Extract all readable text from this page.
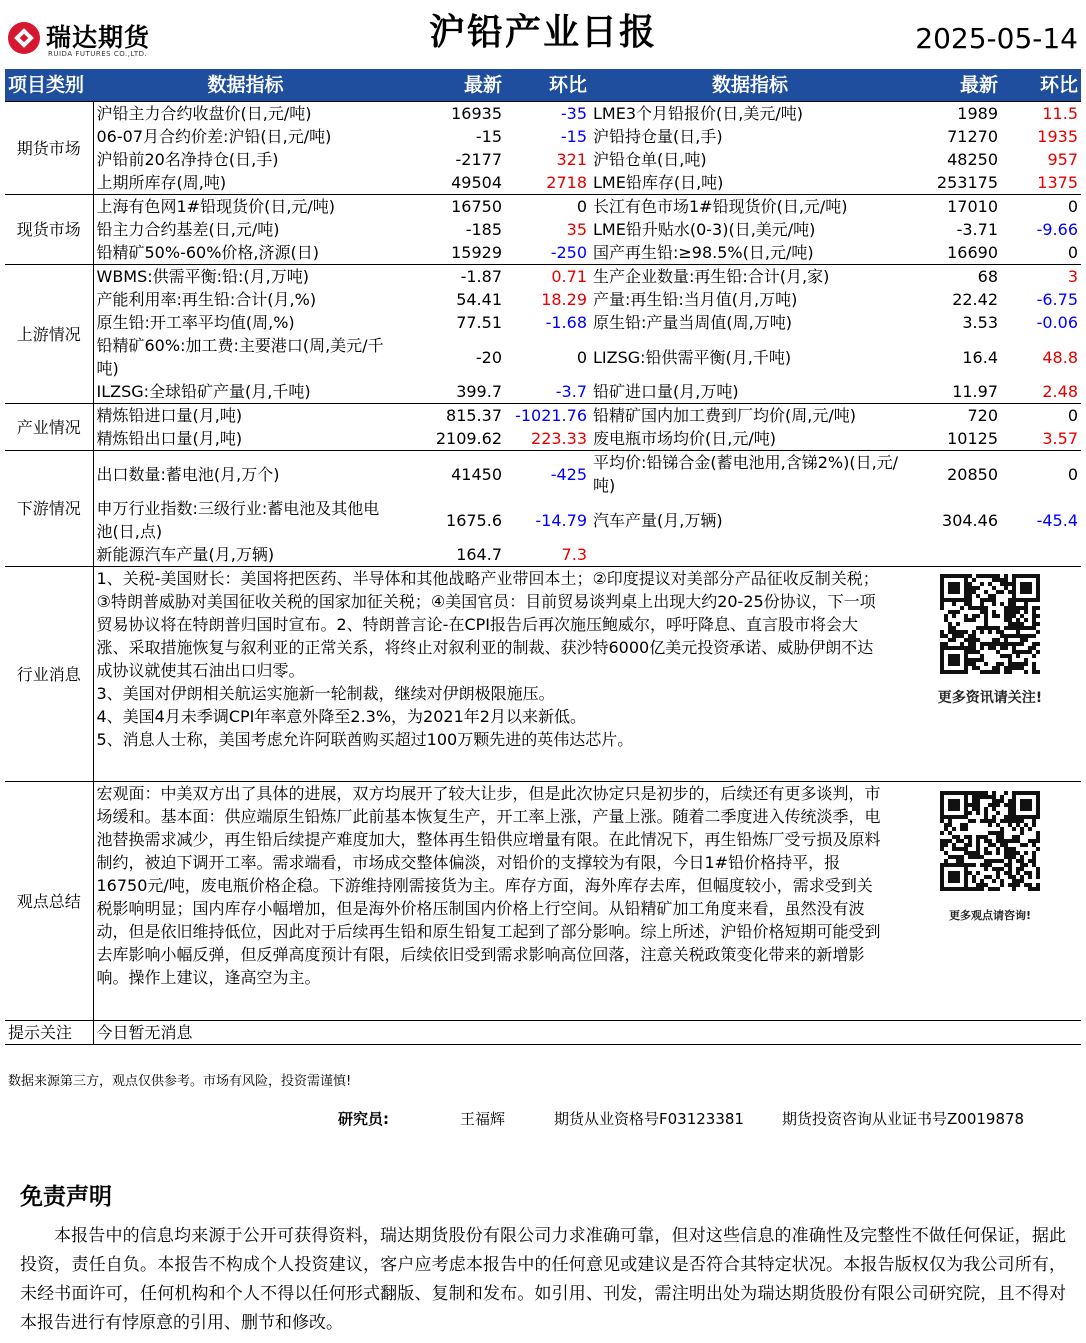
瑞达期货
RUIDA FUTURES CO.,LTD.
沪铅产业日报	2025-05-14
项目类别	数据指标	最新	环比	数据指标	最新	环比
期货市场	沪铅主力合约收盘价(日,元/吨)	16935	-35	LME3个月铅报价(日,美元/吨)	1989	11.5
	06-07月合约价差:沪铅(日,元/吨)	-15	-15	沪铅持仓量(日,手)	71270	1935
	沪铅前20名净持仓(日,手)	-2177	321	沪铅仓单(日,吨)	48250	957
	上期所库存(周,吨)	49504	2718	LME铅库存(日,吨)	253175	1375
现货市场	上海有色网1#铅现货价(日,元/吨)	16750	0	长江有色市场1#铅现货价(日,元/吨)	17010	0
	铅主力合约基差(日,元/吨)	-185	35	LME铅升贴水(0-3)(日,美元/吨)	-3.71	-9.66
	铅精矿50%-60%价格,济源(日)	15929	-250	国产再生铅:≥98.5%(日,元/吨)	16690	0
上游情况	WBMS:供需平衡:铅:(月,万吨)	-1.87	0.71	生产企业数量:再生铅:合计(月,家)	68	3
	产能利用率:再生铅:合计(月,%)	54.41	18.29	产量:再生铅:当月值(月,万吨)	22.42	-6.75
	原生铅:开工率平均值(周,%)	77.51	-1.68	原生铅:产量当周值(周,万吨)	3.53	-0.06
	铅精矿60%:加工费:主要港口(周,美元/千吨)	-20	0	LIZSG:铅供需平衡(月,千吨)	16.4	48.8
	ILZSG:全球铅矿产量(月,千吨)	399.7	-3.7	铅矿进口量(月,万吨)	11.97	2.48
产业情况	精炼铅进口量(月,吨)	815.37	-1021.76	铅精矿国内加工费到厂均价(周,元/吨)	720	0
	精炼铅出口量(月,吨)	2109.62	223.33	废电瓶市场均价(日,元/吨)	10125	3.57
下游情况	出口数量:蓄电池(月,万个)	41450	-425	平均价:铅锑合金(蓄电池用,含锑2%)(日,元/吨)	20850	0
	申万行业指数:三级行业:蓄电池及其他电池(日,点)	1675.6	-14.79	汽车产量(月,万辆)	304.46	-45.4
	新能源汽车产量(月,万辆)	164.7	7.3			
行业消息	1、关税-美国财长：美国将把医药、半导体和其他战略产业带回本土；②印度提议对美部分产品征收反制关税；③特朗普威胁对美国征收关税的国家加征关税；④美国官员：目前贸易谈判桌上出现大约20-25份协议，下一项贸易协议将在特朗普归国时宣布。2、特朗普言论-在CPI报告后再次施压鲍威尔，呼吁降息、直言股市将会大涨、采取措施恢复与叙利亚的正常关系，将终止对叙利亚的制裁、获沙特6000亿美元投资承诺、威胁伊朗不达成协议就使其石油出口归零。
3、美国对伊朗相关航运实施新一轮制裁，继续对伊朗极限施压。
4、美国4月未季调CPI年率意外降至2.3%，为2021年2月以来新低。
5、消息人士称，美国考虑允许阿联酋购买超过100万颗先进的英伟达芯片。
更多资讯请关注!					

观点总结	宏观面：中美双方出了具体的进展，双方均展开了较大让步，但是此次协定只是初步的，后续还有更多谈判，市场缓和。基本面：供应端原生铅炼厂此前基本恢复生产，开工率上涨，产量上涨。随着二季度进入传统淡季，电池替换需求减少，再生铅后续提产难度加大，整体再生铅供应增量有限。在此情况下，再生铅炼厂受亏损及原料制约，被迫下调开工率。需求端看，市场成交整体偏淡，对铅价的支撑较为有限，今日1#铅价格持平，报16750元/吨，废电瓶价格企稳。下游维持刚需接货为主。库存方面，海外库存去库，但幅度较小，需求受到关税影响明显；国内库存小幅增加，但是海外价格压制国内价格上行空间。从铅精矿加工角度来看，虽然没有波动，但是依旧维持低位，因此对于后续再生铅和原生铅复工起到了部分影响。综上所述，沪铅价格短期可能受到去库影响小幅反弹，但反弹高度预计有限，后续依旧受到需求影响高位回落，注意关税政策变化带来的新增影响。操作上建议，逢高空为主。
更多观点请咨询!					

提示关注	今日暂无消息					
数据来源第三方，观点仅供参考。市场有风险，投资需谨慎!
研究员:	王福辉	期货从业资格号F03123381	期货投资咨询从业证书号Z0019878
免责声明
本报告中的信息均来源于公开可获得资料，瑞达期货股份有限公司力求准确可靠，但对这些信息的准确性及完整性不做任何保证，据此投资，责任自负。本报告不构成个人投资建议，客户应考虑本报告中的任何意见或建议是否符合其特定状况。本报告版权仅为我公司所有，未经书面许可，任何机构和个人不得以任何形式翻版、复制和发布。如引用、刊发，需注明出处为瑞达期货股份有限公司研究院，且不得对本报告进行有悖原意的引用、删节和修改。
